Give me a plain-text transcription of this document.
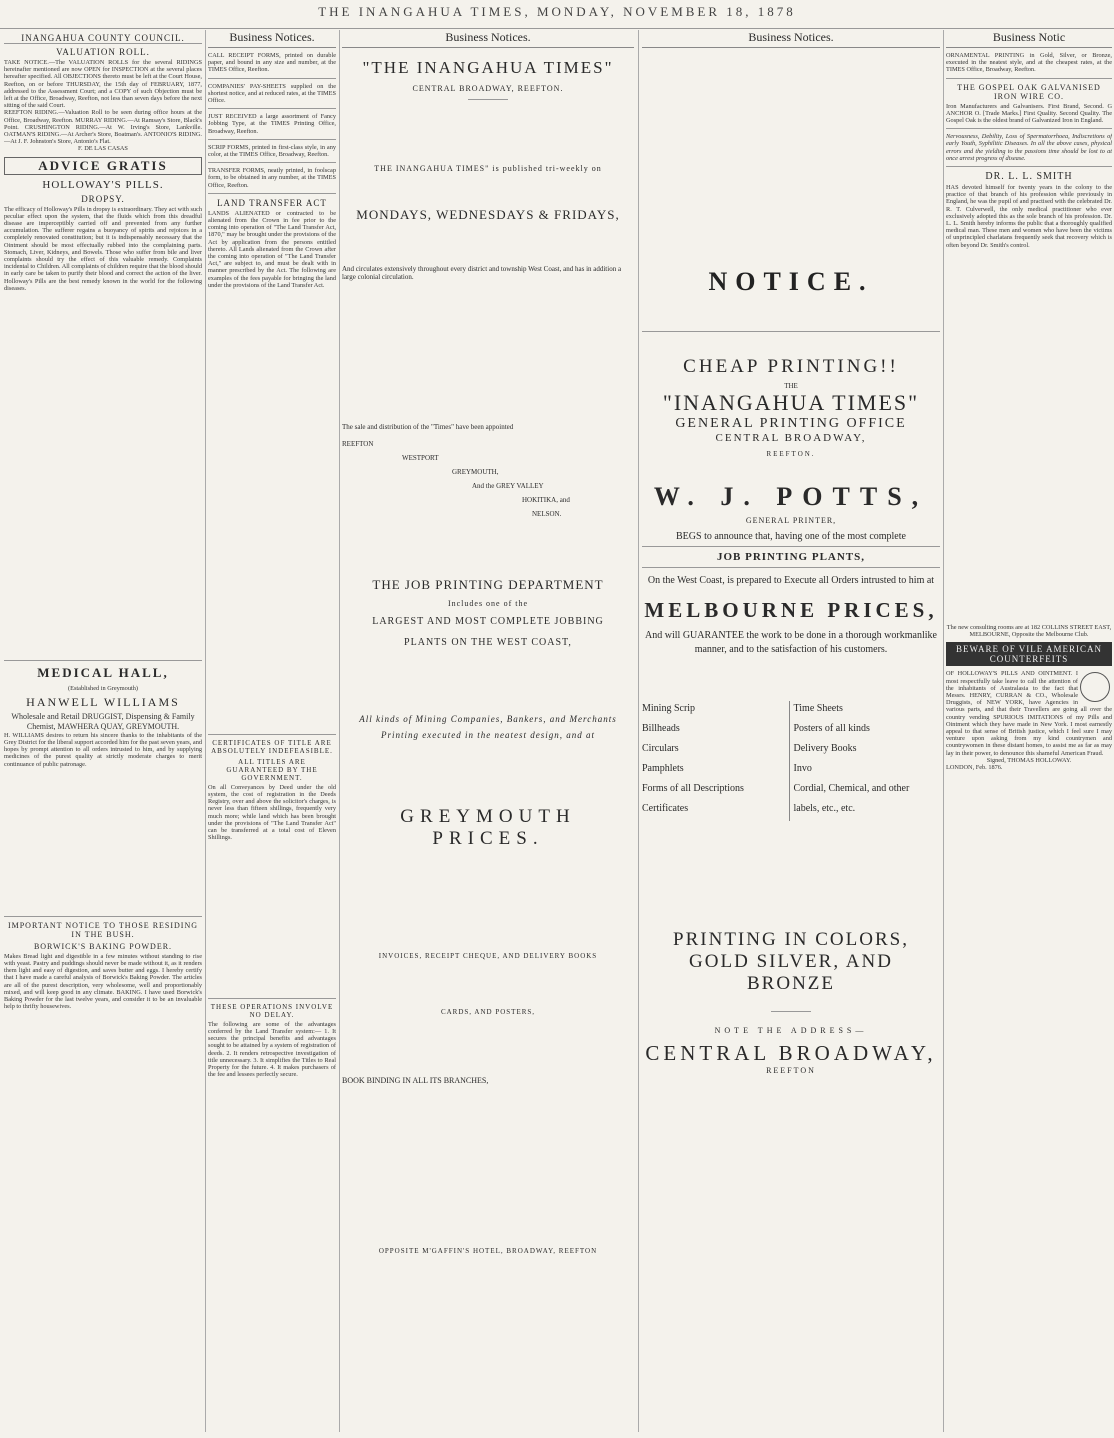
THE INANGAHUA TIMES, MONDAY, NOVEMBER 18, 1878
INANGAHUA COUNTY COUNCIL.
VALUATION ROLL.
TAKE NOTICE.—The VALUATION ROLLS for the several RIDINGS hereinafter mentioned are now OPEN for INSPECTION at the several places hereafter specified. All OBJECTIONS thereto must be left at the Court House, Reefton, on or before THURSDAY, the 15th day of FEBRUARY, 1877, addressed to the Assessment Court; and a COPY of such Objection must be left at the Office, Broadway, Reefton, not less than seven days before the next sitting of the said Court.
REEFTON RIDING.—Valuation Roll to be seen during office hours at the Office, Broadway, Reefton. MURRAY RIDING.—At Ramsay's Store, Black's Point. CRUSHINGTON RIDING.—At W. Irving's Store, Lankville. OATMAN'S RIDING.—At Archer's Store, Boatman's. ANTONIO'S RIDING.—At J. F. Johnston's Store, Antonio's Flat.
F. DE LAS CASAS
ADVICE GRATIS
HOLLOWAY'S PILLS.
DROPSY.
The efficacy of Holloway's Pills in dropsy is extraordinary. They act with such peculiar effect upon the system, that the fluids which from this dreadful disease are imperceptibly carried off and prevented from any further accumulation. The sufferer regains a buoyancy of spirits and rejoices in a completely renovated constitution; but it is indispensably necessary that the Ointment should be most effectually rubbed into the complaining parts. Stomach, Liver, Kidneys, and Bowels. Those who suffer from bile and liver complaints should try the effect of this valuable remedy. Complaints incidental to Children. All complaints of children require that the blood should in early care be taken to purify their blood and correct the action of the liver. Holloway's Pills are the best remedy known in the world for the following diseases.
MEDICAL HALL,
(Established in Greymouth)
HANWELL WILLIAMS
Wholesale and Retail DRUGGIST, Dispensing & Family Chemist, MAWHERA QUAY, GREYMOUTH.
H. WILLIAMS desires to return his sincere thanks to the inhabitants of the Grey District for the liberal support accorded him for the past seven years, and hopes by prompt attention to all orders intrusted to him, and by supplying medicines of the purest quality at strictly moderate charges to merit continuance of public patronage.
IMPORTANT NOTICE TO THOSE RESIDING IN THE BUSH.
BORWICK'S BAKING POWDER.
Makes Bread light and digestible in a few minutes without standing to rise with yeast. Pastry and puddings should never be made without it, as it renders them light and easy of digestion, and saves butter and eggs. I hereby certify that I have made a careful analysis of Borwick's Baking Powder. The articles are all of the purest description, very wholesome, well and proportionably mixed, and will keep good in any climate. BAKING. I have used Borwick's Baking Powder for the last twelve years, and consider it to be an invaluable help to thrifty housewives.
Business Notices.
CALL RECEIPT FORMS, printed on durable paper, and bound in any size and number, at the TIMES Office, Reefton.
COMPANIES' PAY-SHEETS supplied on the shortest notice, and at reduced rates, at the TIMES Office.
JUST RECEIVED a large assortment of Fancy Jobbing Type, at the TIMES Printing Office, Broadway, Reefton.
SCRIP FORMS, printed in first-class style, in any color, at the TIMES Office, Broadway, Reefton.
TRANSFER FORMS, neatly printed, in foolscap form, to be obtained in any number, at the TIMES Office, Reefton.
LAND TRANSFER ACT
LANDS ALIENATED or contracted to be alienated from the Crown in fee prior to the coming into operation of "The Land Transfer Act, 1870," may be brought under the provisions of the Act by application from the persons entitled thereto. All Lands alienated from the Crown after the coming into operation of "The Land Transfer Act," are subject to, and must be dealt with in manner prescribed by the Act. The following are examples of the fees payable for bringing the land under the provisions of the Land Transfer Act.
CERTIFICATES OF TITLE ARE ABSOLUTELY INDEFEASIBLE.
ALL TITLES ARE GUARANTEED BY THE GOVERNMENT.
On all Conveyances by Deed under the old system, the cost of registration in the Deeds Registry, over and above the solicitor's charges, is never less than fifteen shillings, frequently very much more; while land which has been brought under the provisions of "The Land Transfer Act" can be transferred at a total cost of Eleven Shillings.
THESE OPERATIONS INVOLVE NO DELAY.
The following are some of the advantages conferred by the Land Transfer system:— 1. It secures the principal benefits and advantages sought to be attained by a system of registration of deeds. 2. It renders retrospective investigation of title unnecessary. 3. It simplifies the Titles to Real Property for the future. 4. It makes purchasers of the fee and lessees perfectly secure.
Business Notices.
"THE INANGAHUA TIMES"
CENTRAL BROADWAY, REEFTON.
THE INANGAHUA TIMES" is published tri-weekly on
MONDAYS, WEDNESDAYS & FRIDAYS,
And circulates extensively throughout every district and township West Coast, and has in addition a large colonial circulation.
The sale and distribution of the "Times" have been appointed
REEFTON
WESTPORT
GREYMOUTH,
And the GREY VALLEY
HOKITIKA, and
NELSON.
THE JOB PRINTING DEPARTMENT
Includes one of the
LARGEST AND MOST COMPLETE JOBBING
PLANTS ON THE WEST COAST,
All kinds of Mining Companies, Bankers, and Merchants
Printing executed in the neatest design, and at
GREYMOUTH PRICES.
INVOICES, RECEIPT CHEQUE, AND DELIVERY BOOKS
CARDS, AND POSTERS,
BOOK BINDING IN ALL ITS BRANCHES,
OPPOSITE M'GAFFIN'S HOTEL, BROADWAY, REEFTON
Business Notices.
NOTICE.
CHEAP PRINTING!!
THE
"INANGAHUA TIMES"
GENERAL PRINTING OFFICE
CENTRAL BROADWAY,
REEFTON.
W. J. POTTS,
GENERAL PRINTER,
BEGS to announce that, having one of the most complete
JOB PRINTING PLANTS,
On the West Coast, is prepared to Execute all Orders intrusted to him at
MELBOURNE PRICES,
And will GUARANTEE the work to be done in a thorough workmanlike manner, and to the satisfaction of his customers.
Mining Scrip
Billheads
Circulars
Pamphlets
Forms of all Descriptions
Certificates
Time Sheets
Posters of all kinds
Delivery Books
Invo
Cordial, Chemical, and other
labels, etc., etc.
PRINTING IN COLORS, GOLD SILVER, AND BRONZE
NOTE THE ADDRESS—
CENTRAL BROADWAY,
REEFTON
Business Notic
ORNAMENTAL PRINTING in Gold, Silver, or Bronze, executed in the neatest style, and at the cheapest rates, at the TIMES Office, Broadway, Reefton.
THE GOSPEL OAK GALVANISED IRON WIRE CO.
Iron Manufacturers and Galvanisers. First Brand, Second. G ANCHOR O. [Trade Marks.] First Quality. Second Quality. The Gospel Oak is the oldest brand of Galvanized Iron in England.
Nervousness, Debility, Loss of Spermatorrhoea, Indiscretions of early Youth, Syphilitic Diseases. In all the above cases, physical errors and the yielding to the passions time should be lost to at once arrest progress of disease.
DR. L. L. SMITH
HAS devoted himself for twenty years in the colony to the practice of that branch of his profession while previously in England, he was the pupil of and practised with the celebrated Dr. R. T. Culverwell, the only medical practitioner who ever exclusively adopted this as the sole branch of his profession. Dr. L. L. Smith hereby informs the public that a thoroughly qualified medical man. These men and women who have been the victims of unprincipled charlatans frequently seek that recovery which is often beyond Dr. Smith's control.
The new consulting rooms are at 182 COLLINS STREET EAST, MELBOURNE, Opposite the Melbourne Club.
BEWARE OF VILE AMERICAN COUNTERFEITS
OF HOLLOWAY'S PILLS AND OINTMENT. I most respectfully take leave to call the attention of the inhabitants of Australasia to the fact that Messrs. HENRY, CURRAN & CO., Wholesale Druggists, of NEW YORK, have Agencies in various parts, and that their Travellers are going all over the country vending SPURIOUS IMITATIONS of my Pills and Ointment which they have made in New York. I most earnestly appeal to that sense of British justice, which I feel sure I may venture upon asking from my kind countrymen and countrywomen in these distant homes, to assist me as far as may lay in their power, to denounce this shameful American Fraud.
Signed, THOMAS HOLLOWAY.
LONDON, Feb. 1876.
